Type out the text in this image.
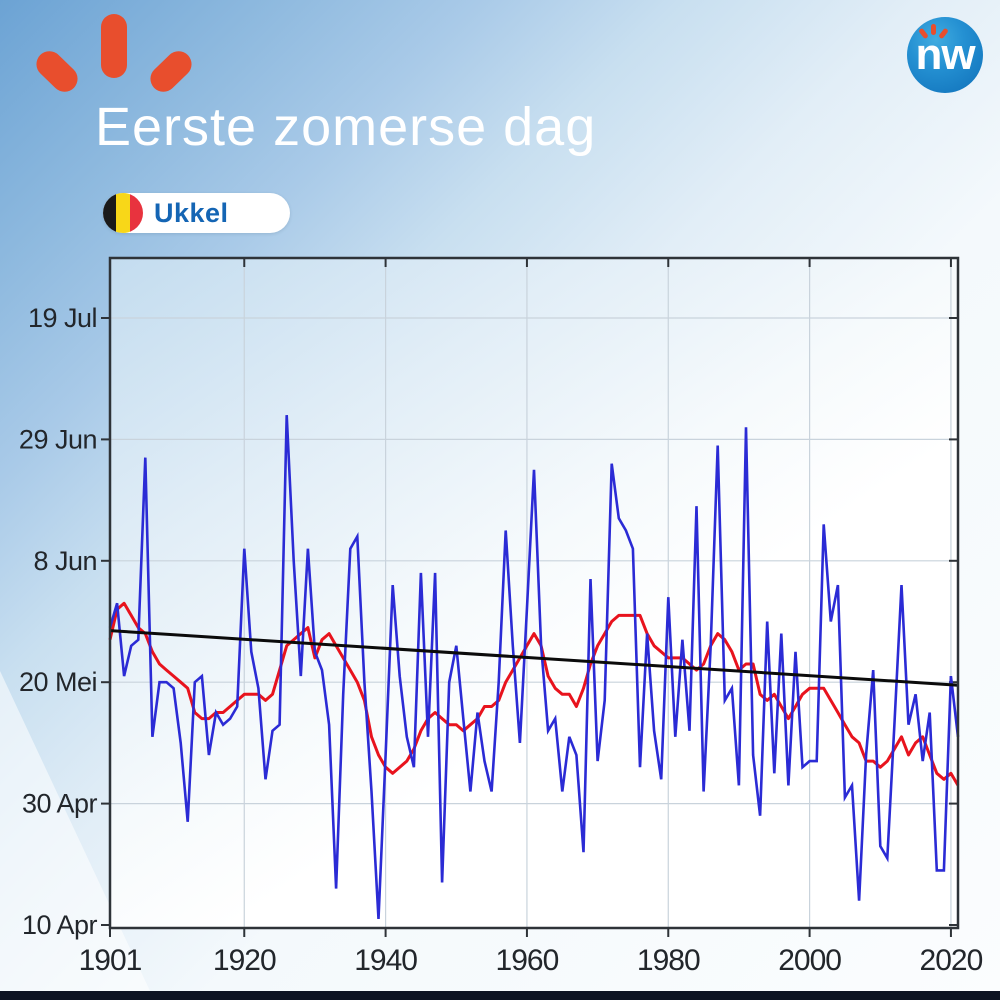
Eerste zomerse dag
Ukkel
nw
10 Apr
30 Apr
20 Mei
8 Jun
29 Jun
19 Jul
1901 1920	1940	1960	1980	2000	2020
